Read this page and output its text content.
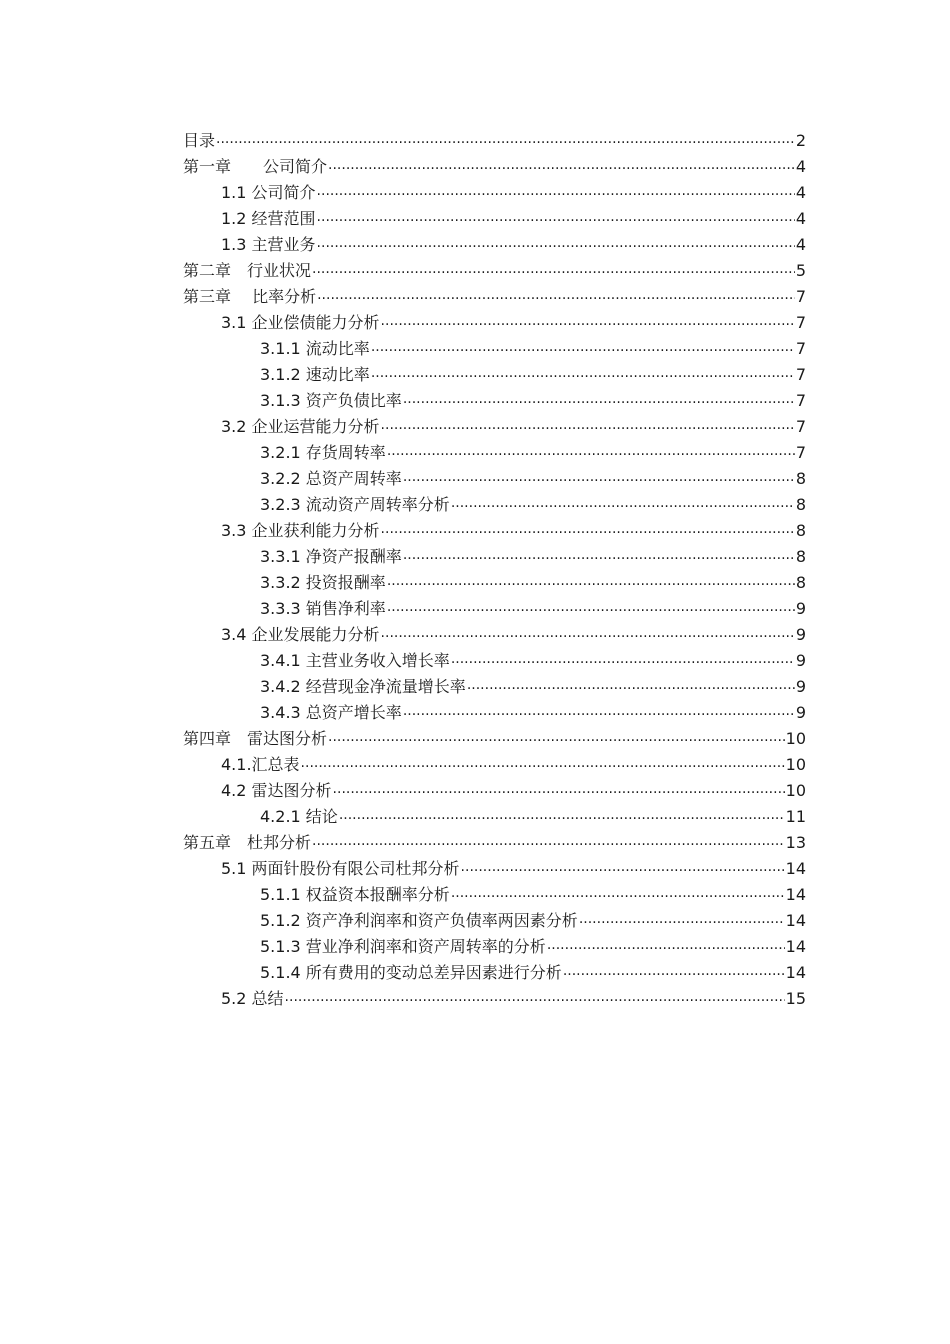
目录 .....	2
第一章　　公司简介 .....	4
1.1 公司简介 .....	4
1.2 经营范围 .....	4
1.3 主营业务 .....	4
第二章　行业状况 .....	5
第三章　 比率分析 .....	7
3.1 企业偿债能力分析 .....	7
3.1.1 流动比率 .....	7
3.1.2 速动比率 .....	7
3.1.3 资产负债比率 .....	7
3.2 企业运营能力分析 .....	7
3.2.1 存货周转率 .....	7
3.2.2 总资产周转率 .....	8
3.2.3 流动资产周转率分析 .....	8
3.3 企业获利能力分析 .....	8
3.3.1 净资产报酬率 .....	8
3.3.2 投资报酬率 .....	8
3.3.3 销售净利率 .....	9
3.4 企业发展能力分析 .....	9
3.4.1 主营业务收入增长率 .....	9
3.4.2 经营现金净流量增长率 .....	9
3.4.3 总资产增长率 .....	9
第四章　雷达图分析 .....	10
4.1.汇总表 .....	10
4.2 雷达图分析 .....	10
4.2.1 结论 .....	11
第五章　杜邦分析 .....	13
5.1 两面针股份有限公司杜邦分析 .....	14
5.1.1 权益资本报酬率分析 .....	14
5.1.2 资产净利润率和资产负债率两因素分析 .....	14
5.1.3 营业净利润率和资产周转率的分析 .....	14
5.1.4 所有费用的变动总差异因素进行分析 .....	14
5.2 总结 .....	15
